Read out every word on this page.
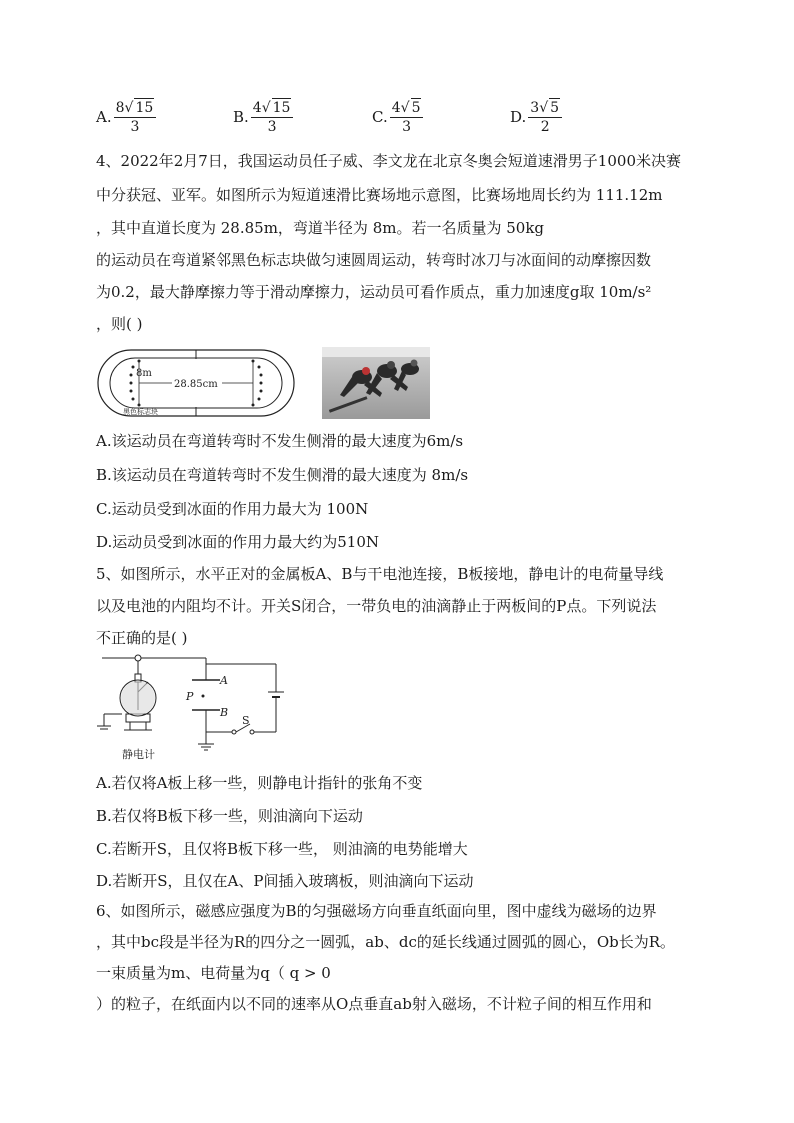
A. $\frac{8√ 15}{3}$	B. $\frac{4√ 15}{3}$	C. $\frac{4√ 5}{3}$	D. $\frac{3√ 5}{2}$
4、2022年2月7日，我国运动员任子威、李文龙在北京冬奥会短道速滑男子1000米决赛
中分获冠、亚军。如图所示为短道速滑比赛场地示意图，比赛场地周长约为 111.12m
，其中直道长度为 28.85m，弯道半径为 8m。若一名质量为 50kg
的运动员在弯道紧邻黑色标志块做匀速圆周运动，转弯时冰刀与冰面间的动摩擦因数
为0.2，最大静摩擦力等于滑动摩擦力，运动员可看作质点，重力加速度g取 10m/s²
，则( )
8m
28.85cm
黑色标志块
A.该运动员在弯道转弯时不发生侧滑的最大速度为6m/s
B.该运动员在弯道转弯时不发生侧滑的最大速度为 8m/s
C.运动员受到冰面的作用力最大为 100N
D.运动员受到冰面的作用力最大约为510N
5、如图所示，水平正对的金属板A、B与干电池连接，B板接地，静电计的电荷量导线
以及电池的内阻均不计。开关S闭合，一带负电的油滴静止于两板间的P点。下列说法
不正确的是( )
A
P
B
S
静电计
A.若仅将A板上移一些，则静电计指针的张角不变
B.若仅将B板下移一些，则油滴向下运动
C.若断开S，且仅将B板下移一些， 则油滴的电势能增大
D.若断开S，且仅在A、P间插入玻璃板，则油滴向下运动
6、如图所示，磁感应强度为B的匀强磁场方向垂直纸面向里，图中虚线为磁场的边界
，其中bc段是半径为R的四分之一圆弧，ab、dc的延长线通过圆弧的圆心，Ob长为R。
一束质量为m、电荷量为q（ q > 0
）的粒子，在纸面内以不同的速率从O点垂直ab射入磁场，不计粒子间的相互作用和
